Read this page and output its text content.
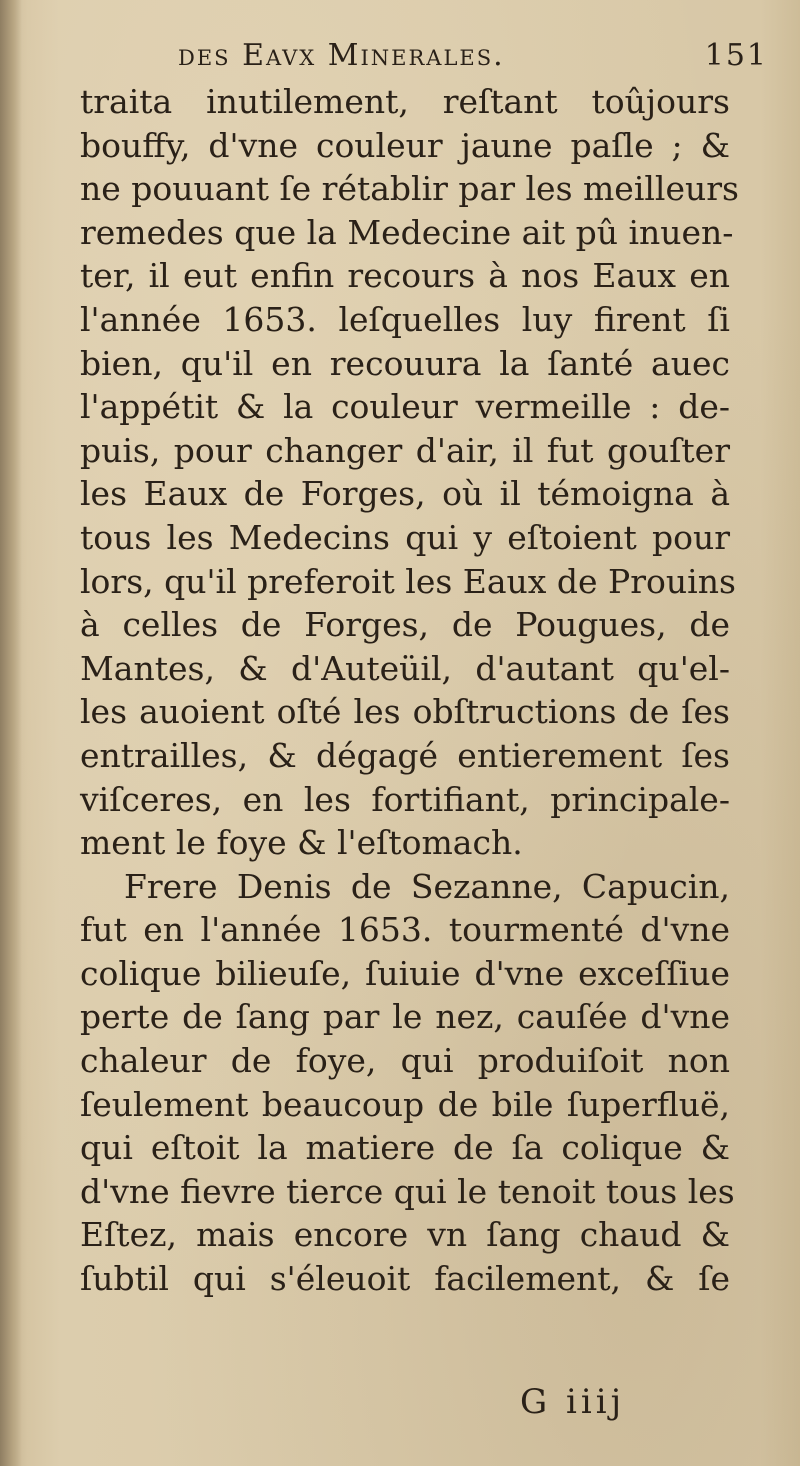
des Eavx Minerales.	151
traita inutilement, reſtant toûjours
bouffy, d'vne couleur jaune paſle ; &
ne pouuant ſe rétablir par les meilleurs
remedes que la Medecine ait pû inuen-
ter, il eut enfin recours à nos Eaux en
l'année 1653. leſquelles luy firent ſi
bien, qu'il en recouura la ſanté auec
l'appétit & la couleur vermeille : de-
puis, pour changer d'air, il fut gouſter
les Eaux de Forges, où il témoigna à
tous les Medecins qui y eſtoient pour
lors, qu'il preferoit les Eaux de Prouins
à celles de Forges, de Pougues, de
Mantes, & d'Auteüil, d'autant qu'el-
les auoient oſté les obſtructions de ſes
entrailles, & dégagé entierement ſes
viſceres, en les fortifiant, principale-
ment le foye & l'eſtomach.
Frere Denis de Sezanne, Capucin,
fut en l'année 1653. tourmenté d'vne
colique bilieuſe, ſuiuie d'vne exceſſiue
perte de ſang par le nez, cauſée d'vne
chaleur de foye, qui produiſoit non
ſeulement beaucoup de bile ſuperfluë,
qui eſtoit la matiere de ſa colique &
d'vne fievre tierce qui le tenoit tous les
Eſtez, mais encore vn ſang chaud &
ſubtil qui s'éleuoit facilement, & ſe
G iiij
